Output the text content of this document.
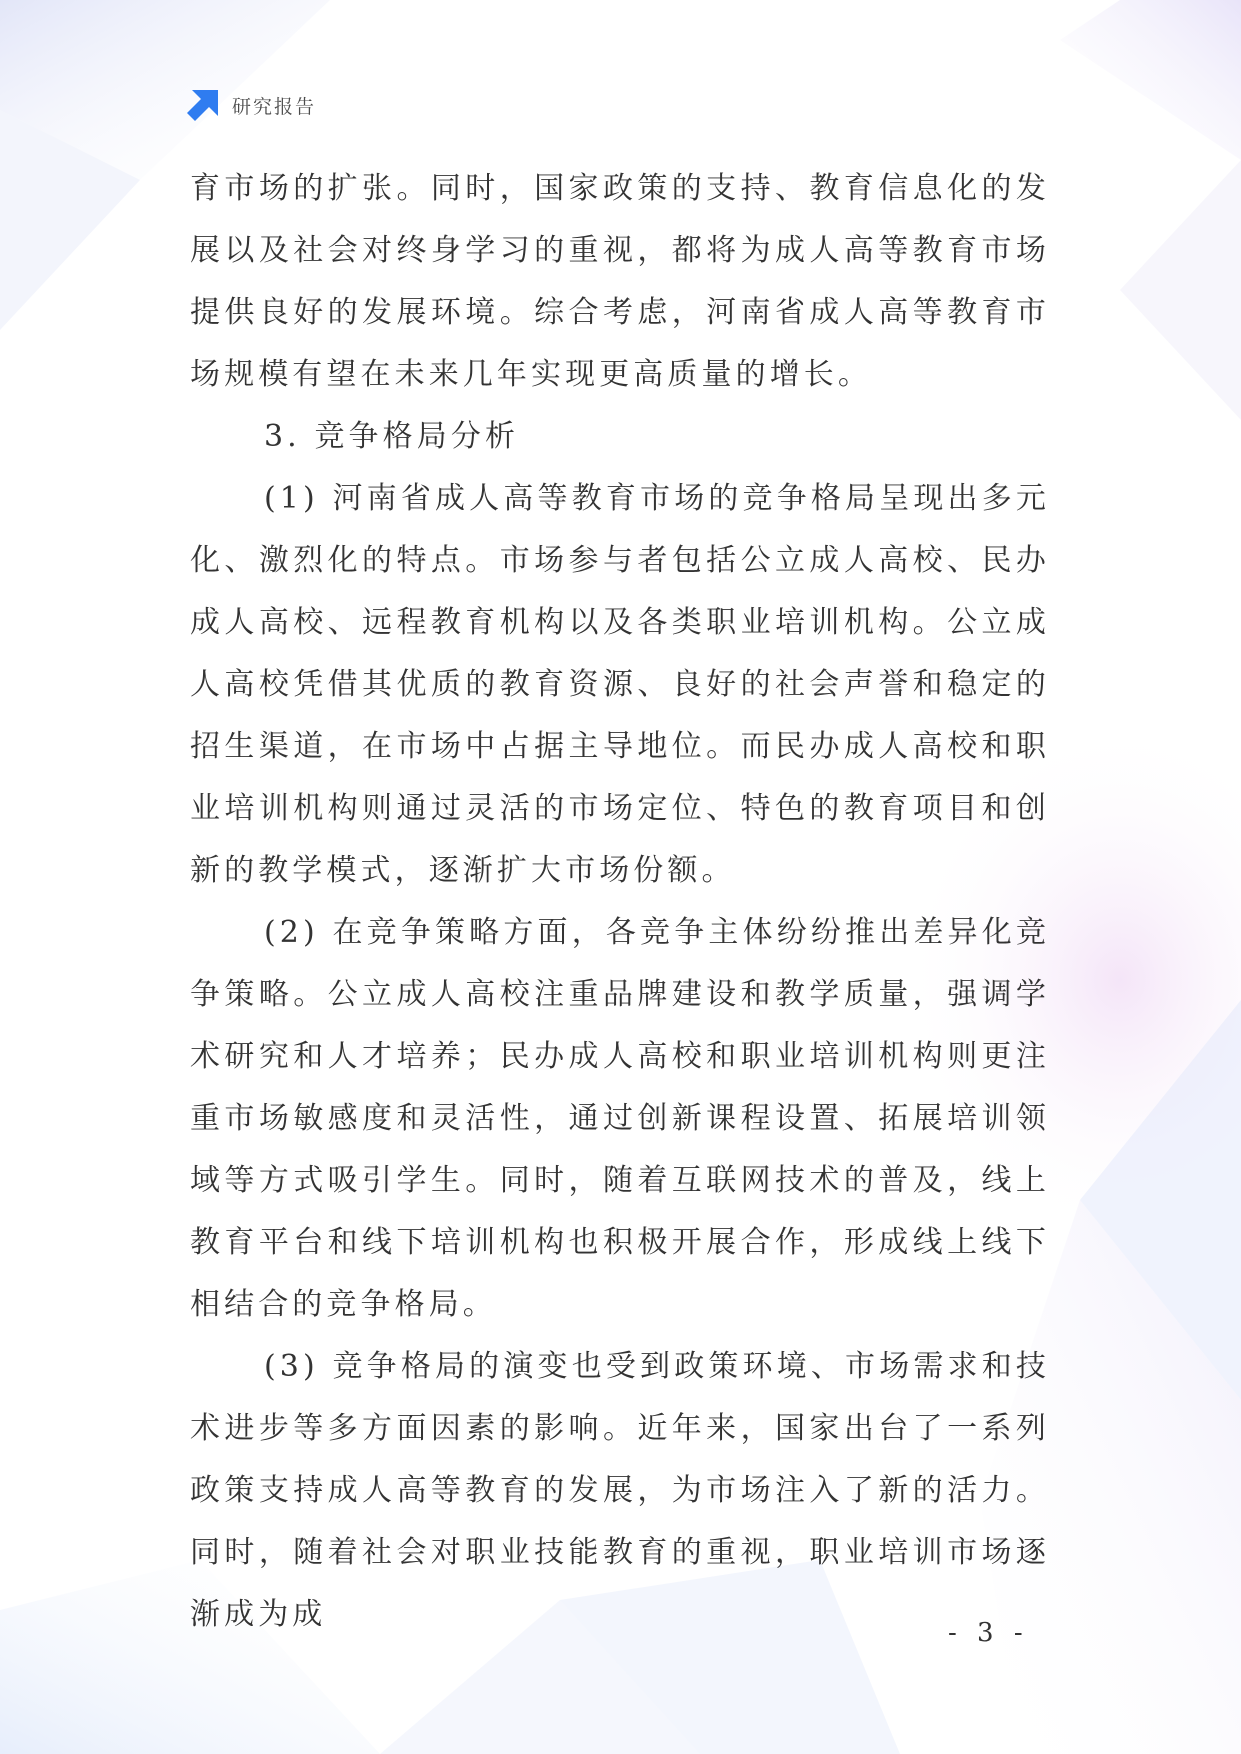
研究报告

育市场的扩张。同时，国家政策的支持、教育信息化的发展以及社会对终身学习的重视，都将为成人高等教育市场提供良好的发展环境。综合考虑，河南省成人高等教育市场规模有望在未来几年实现更高质量的增长。

3. 竞争格局分析

(1) 河南省成人高等教育市场的竞争格局呈现出多元化、激烈化的特点。市场参与者包括公立成人高校、民办成人高校、远程教育机构以及各类职业培训机构。公立成人高校凭借其优质的教育资源、良好的社会声誉和稳定的招生渠道，在市场中占据主导地位。而民办成人高校和职业培训机构则通过灵活的市场定位、特色的教育项目和创新的教学模式，逐渐扩大市场份额。

(2) 在竞争策略方面，各竞争主体纷纷推出差异化竞争策略。公立成人高校注重品牌建设和教学质量，强调学术研究和人才培养；民办成人高校和职业培训机构则更注重市场敏感度和灵活性，通过创新课程设置、拓展培训领域等方式吸引学生。同时，随着互联网技术的普及，线上教育平台和线下培训机构也积极开展合作，形成线上线下相结合的竞争格局。

(3) 竞争格局的演变也受到政策环境、市场需求和技术进步等多方面因素的影响。近年来，国家出台了一系列政策支持成人高等教育的发展，为市场注入了新的活力。同时，随着社会对职业技能教育的重视，职业培训市场逐渐成为成

- 3 -
